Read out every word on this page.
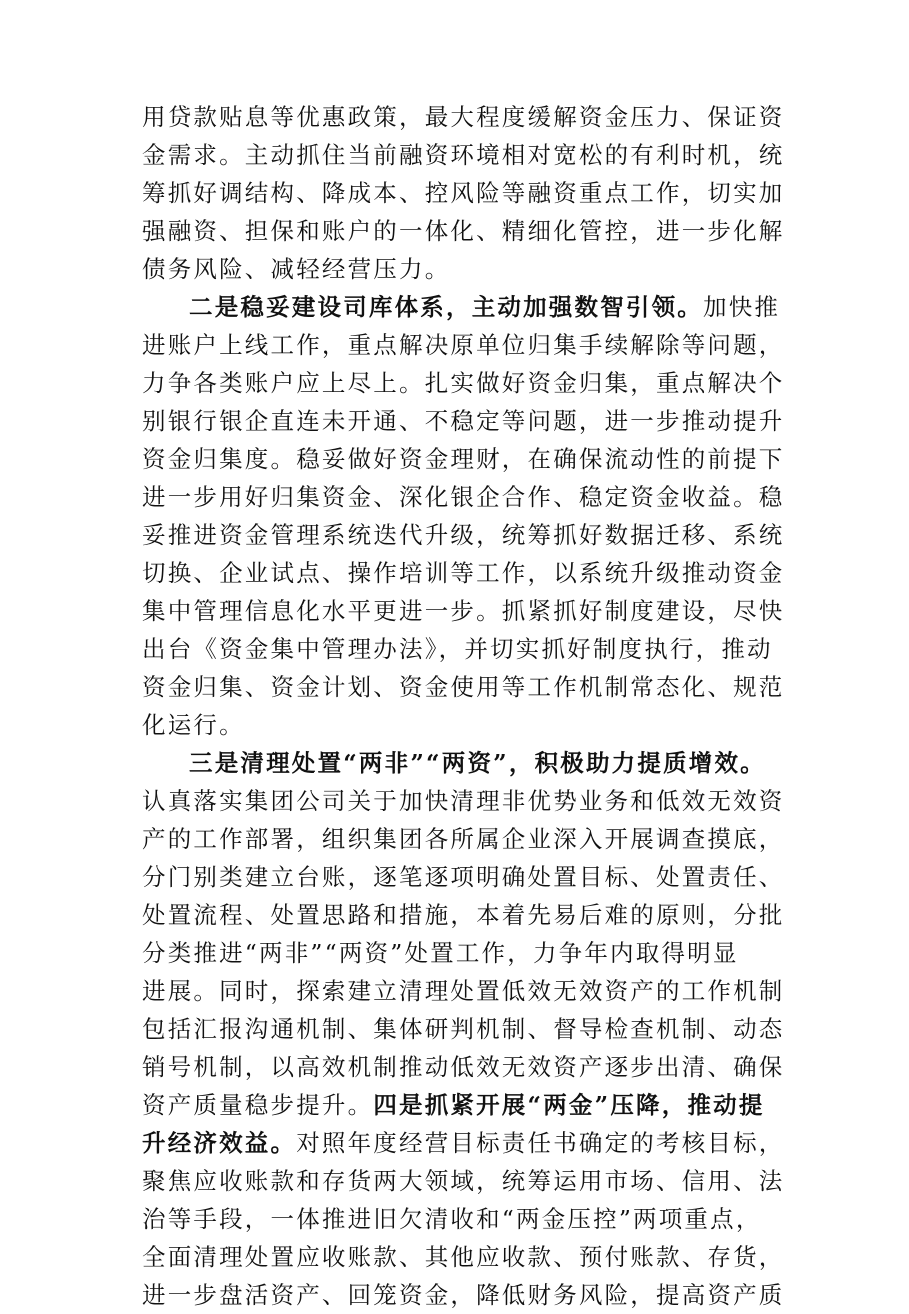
用贷款贴息等优惠政策，最大程度缓解资金压力、保证资
金需求。主动抓住当前融资环境相对宽松的有利时机，统
筹抓好调结构、降成本、控风险等融资重点工作，切实加
强融资、担保和账户的一体化、精细化管控，进一步化解
债务风险、减轻经营压力。
二是稳妥建设司库体系，主动加强数智引领。加快推
进账户上线工作，重点解决原单位归集手续解除等问题，
力争各类账户应上尽上。扎实做好资金归集，重点解决个
别银行银企直连未开通、不稳定等问题，进一步推动提升
资金归集度。稳妥做好资金理财，在确保流动性的前提下
进一步用好归集资金、深化银企合作、稳定资金收益。稳
妥推进资金管理系统迭代升级，统筹抓好数据迁移、系统
切换、企业试点、操作培训等工作，以系统升级推动资金
集中管理信息化水平更进一步。抓紧抓好制度建设，尽快
出台《资金集中管理办法》，并切实抓好制度执行，推动
资金归集、资金计划、资金使用等工作机制常态化、规范
化运行。
三是清理处置“两非”“两资”，积极助力提质增效。
认真落实集团公司关于加快清理非优势业务和低效无效资
产的工作部署，组织集团各所属企业深入开展调查摸底，
分门别类建立台账，逐笔逐项明确处置目标、处置责任、
处置流程、处置思路和措施，本着先易后难的原则，分批
分类推进“两非”“两资”处置工作，力争年内取得明显
进展。同时，探索建立清理处置低效无效资产的工作机制
包括汇报沟通机制、集体研判机制、督导检查机制、动态
销号机制，以高效机制推动低效无效资产逐步出清、确保
资产质量稳步提升。四是抓紧开展“两金”压降，推动提
升经济效益。对照年度经营目标责任书确定的考核目标，
聚焦应收账款和存货两大领域，统筹运用市场、信用、法
治等手段，一体推进旧欠清收和“两金压控”两项重点，
全面清理处置应收账款、其他应收款、预付账款、存货，
进一步盘活资产、回笼资金，降低财务风险，提高资产质
